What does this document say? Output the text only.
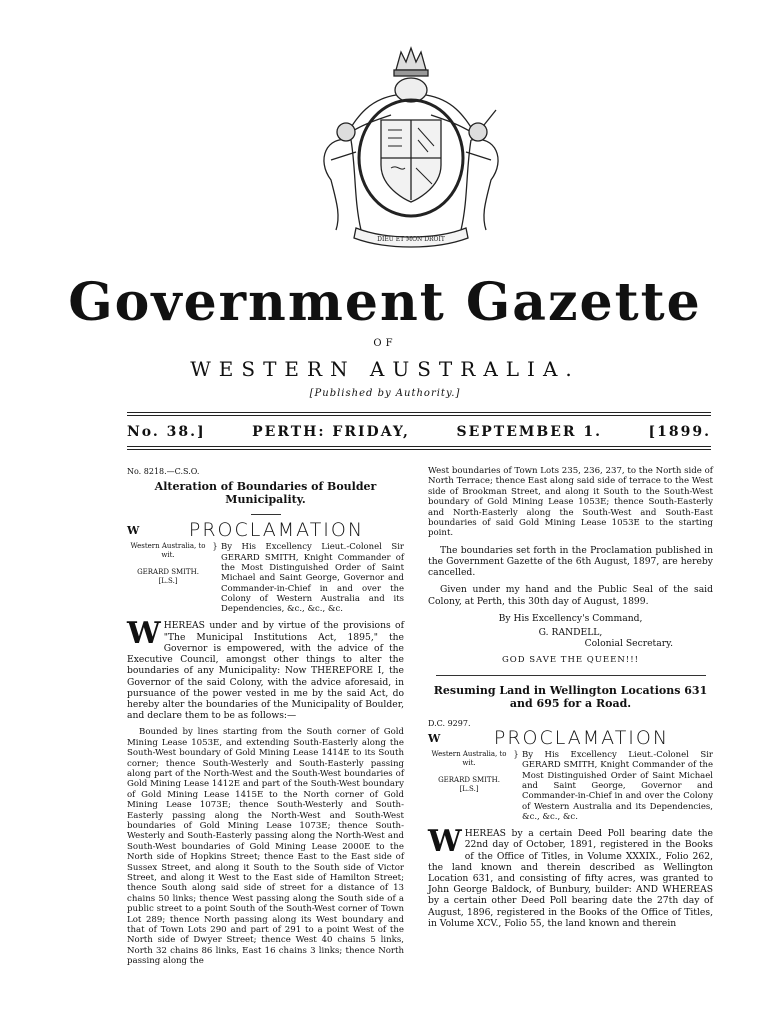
DIEU ET MON DROIT
Government Gazette
OF
WESTERN AUSTRALIA.
[Published by Authority.]
No. 38.]	PERTH: FRIDAY,	SEPTEMBER 1.	[1899.
No. 8218.—C.S.O.
Alteration of Boundaries of Boulder Municipality.
W	PROCLAMATION
Western Australia, to wit.
GERARD SMITH. [L.S.]
} By His Excellency Lieut.-Colonel Sir GERARD SMITH, Knight Commander of the Most Distinguished Order of Saint Michael and Saint George, Governor and Commander-in-Chief in and over the Colony of Western Australia and its Dependencies, &c., &c., &c.

WHEREAS under and by virtue of the provisions of "The Municipal Institutions Act, 1895," the Governor is empowered, with the advice of the Executive Council, amongst other things to alter the boundaries of any Municipality: Now THEREFORE I, the Governor of the said Colony, with the advice aforesaid, in pursuance of the power vested in me by the said Act, do hereby alter the boundaries of the Municipality of Boulder, and declare them to be as follows:—

Bounded by lines starting from the South corner of Gold Mining Lease 1053E, and extending South-Easterly along the South-West boundary of Gold Mining Lease 1414E to its South corner; thence South-Westerly and South-Easterly passing along part of the North-West and the South-West boundaries of Gold Mining Lease 1412E and part of the South-West boundary of Gold Mining Lease 1415E to the North corner of Gold Mining Lease 1073E; thence South-Westerly and South-Easterly passing along the North-West and South-West boundaries of Gold Mining Lease 1073E; thence South-Westerly and South-Easterly passing along the North-West and South-West boundaries of Gold Mining Lease 2000E to the North side of Hopkins Street; thence East to the East side of Sussex Street, and along it South to the South side of Victor Street, and along it West to the East side of Hamilton Street; thence South along said side of street for a distance of 13 chains 50 links; thence West passing along the South side of a public street to a point South of the South-West corner of Town Lot 289; thence North passing along its West boundary and that of Town Lots 290 and part of 291 to a point West of the North side of Dwyer Street; thence West 40 chains 5 links, North 32 chains 86 links, East 16 chains 3 links; thence North passing along the

West boundaries of Town Lots 235, 236, 237, to the North side of North Terrace; thence East along said side of terrace to the West side of Brookman Street, and along it South to the South-West boundary of Gold Mining Lease 1053E; thence South-Easterly and North-Easterly along the South-West and South-East boundaries of said Gold Mining Lease 1053E to the starting point.

The boundaries set forth in the Proclamation published in the Government Gazette of the 6th August, 1897, are hereby cancelled.

Given under my hand and the Public Seal of the said Colony, at Perth, this 30th day of August, 1899.

By His Excellency's Command,

G. RANDELL,
Colonial Secretary.
GOD SAVE THE QUEEN!!!
Resuming Land in Wellington Locations 631 and 695 for a Road.
D.C. 9297.
W	PROCLAMATION
Western Australia, to wit.
GERARD SMITH. [L.S.]
} By His Excellency Lieut.-Colonel Sir GERARD SMITH, Knight Commander of the Most Distinguished Order of Saint Michael and Saint George, Governor and Commander-in-Chief in and over the Colony of Western Australia and its Dependencies, &c., &c., &c.

WHEREAS by a certain Deed Poll bearing date the 22nd day of October, 1891, registered in the Books of the Office of Titles, in Volume XXXIX., Folio 262, the land known and therein described as Wellington Location 631, and consisting of fifty acres, was granted to John George Baldock, of Bunbury, builder: AND WHEREAS by a certain other Deed Poll bearing date the 27th day of August, 1896, registered in the Books of the Office of Titles, in Volume XCV., Folio 55, the land known and therein
